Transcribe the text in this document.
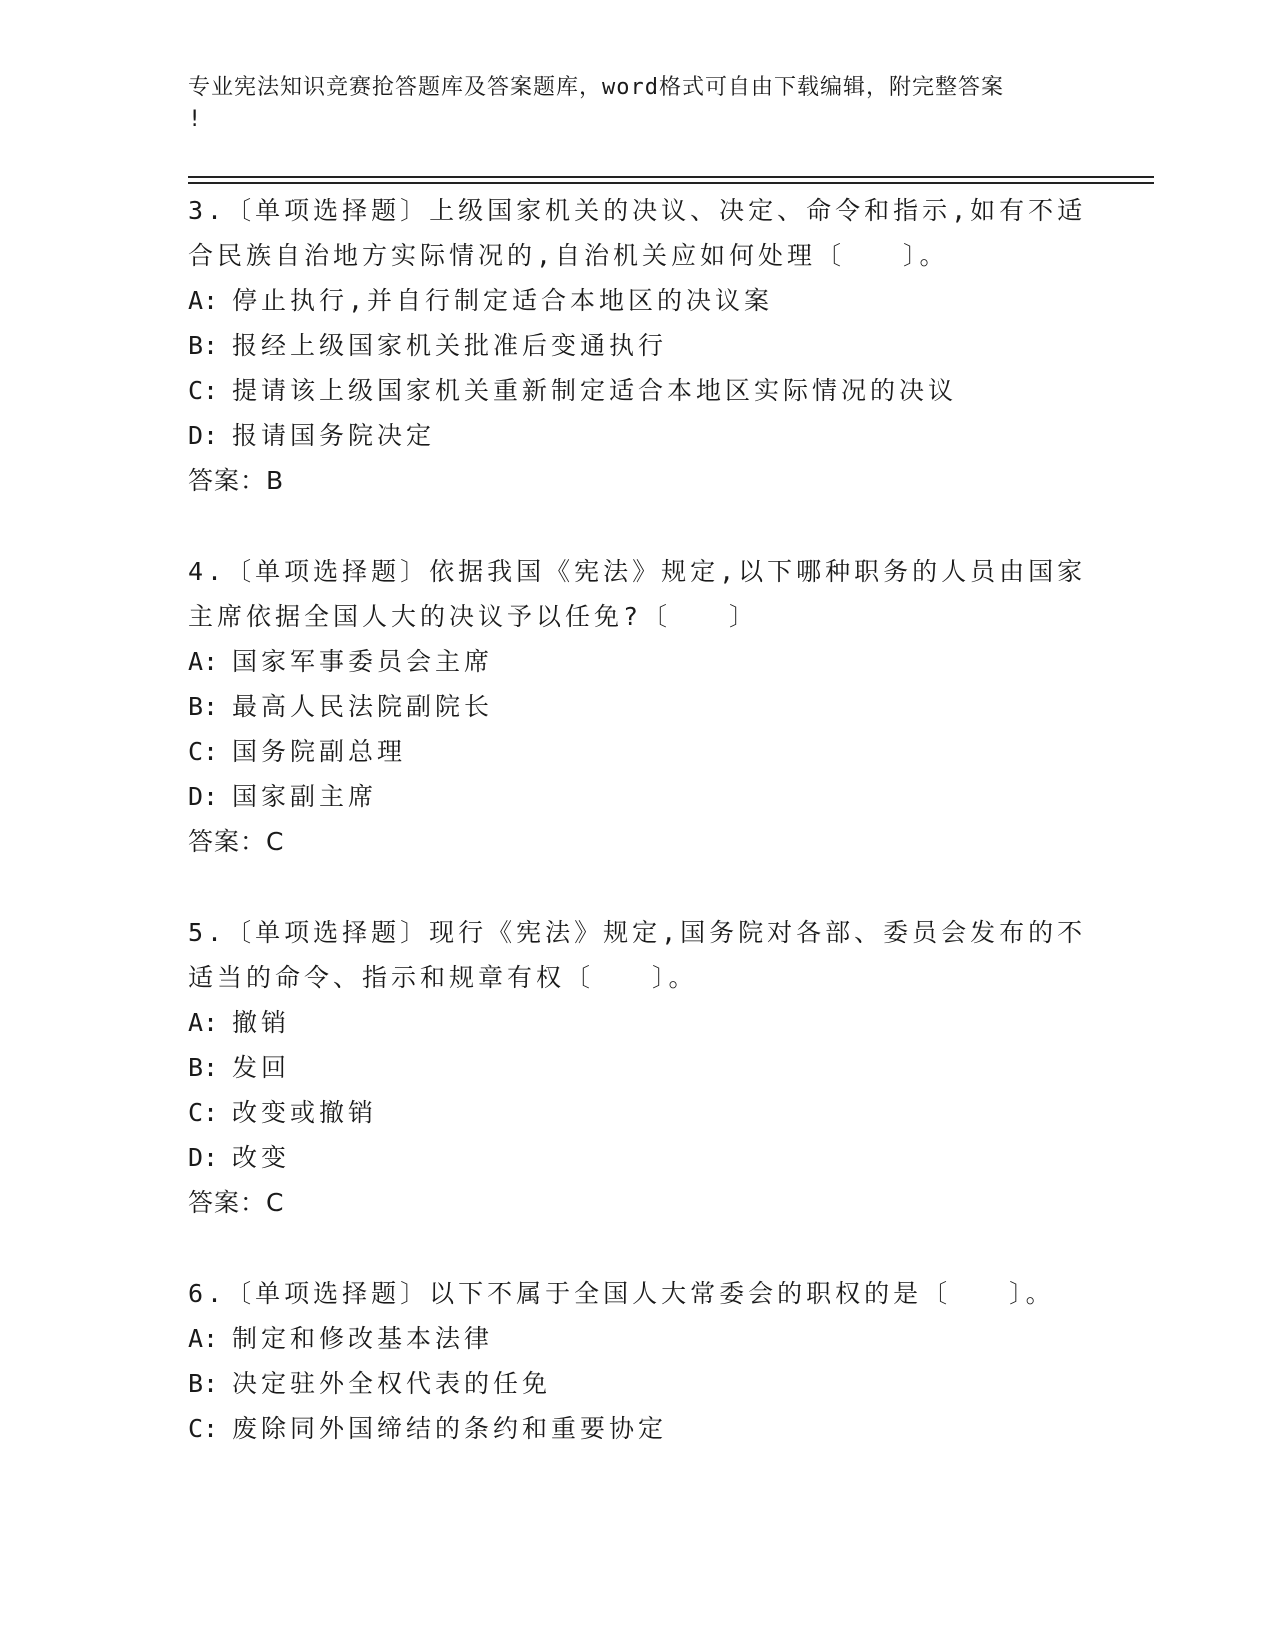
专业宪法知识竞赛抢答题库及答案题库，word格式可自由下载编辑，附完整答案
!

3.〔单项选择题〕上级国家机关的决议、决定、命令和指示,如有不适合民族自治地方实际情况的,自治机关应如何处理〔　　〕。

A: 停止执行,并自行制定适合本地区的决议案

B: 报经上级国家机关批准后变通执行

C: 提请该上级国家机关重新制定适合本地区实际情况的决议

D: 报请国务院决定

答案：B

4.〔单项选择题〕依据我国《宪法》规定,以下哪种职务的人员由国家主席依据全国人大的决议予以任免?〔　　〕

A: 国家军事委员会主席

B: 最高人民法院副院长

C: 国务院副总理

D: 国家副主席

答案：C

5.〔单项选择题〕现行《宪法》规定,国务院对各部、委员会发布的不适当的命令、指示和规章有权〔　　〕。

A: 撤销

B: 发回

C: 改变或撤销

D: 改变

答案：C

6.〔单项选择题〕以下不属于全国人大常委会的职权的是〔　　〕。

A: 制定和修改基本法律

B: 决定驻外全权代表的任免

C: 废除同外国缔结的条约和重要协定
